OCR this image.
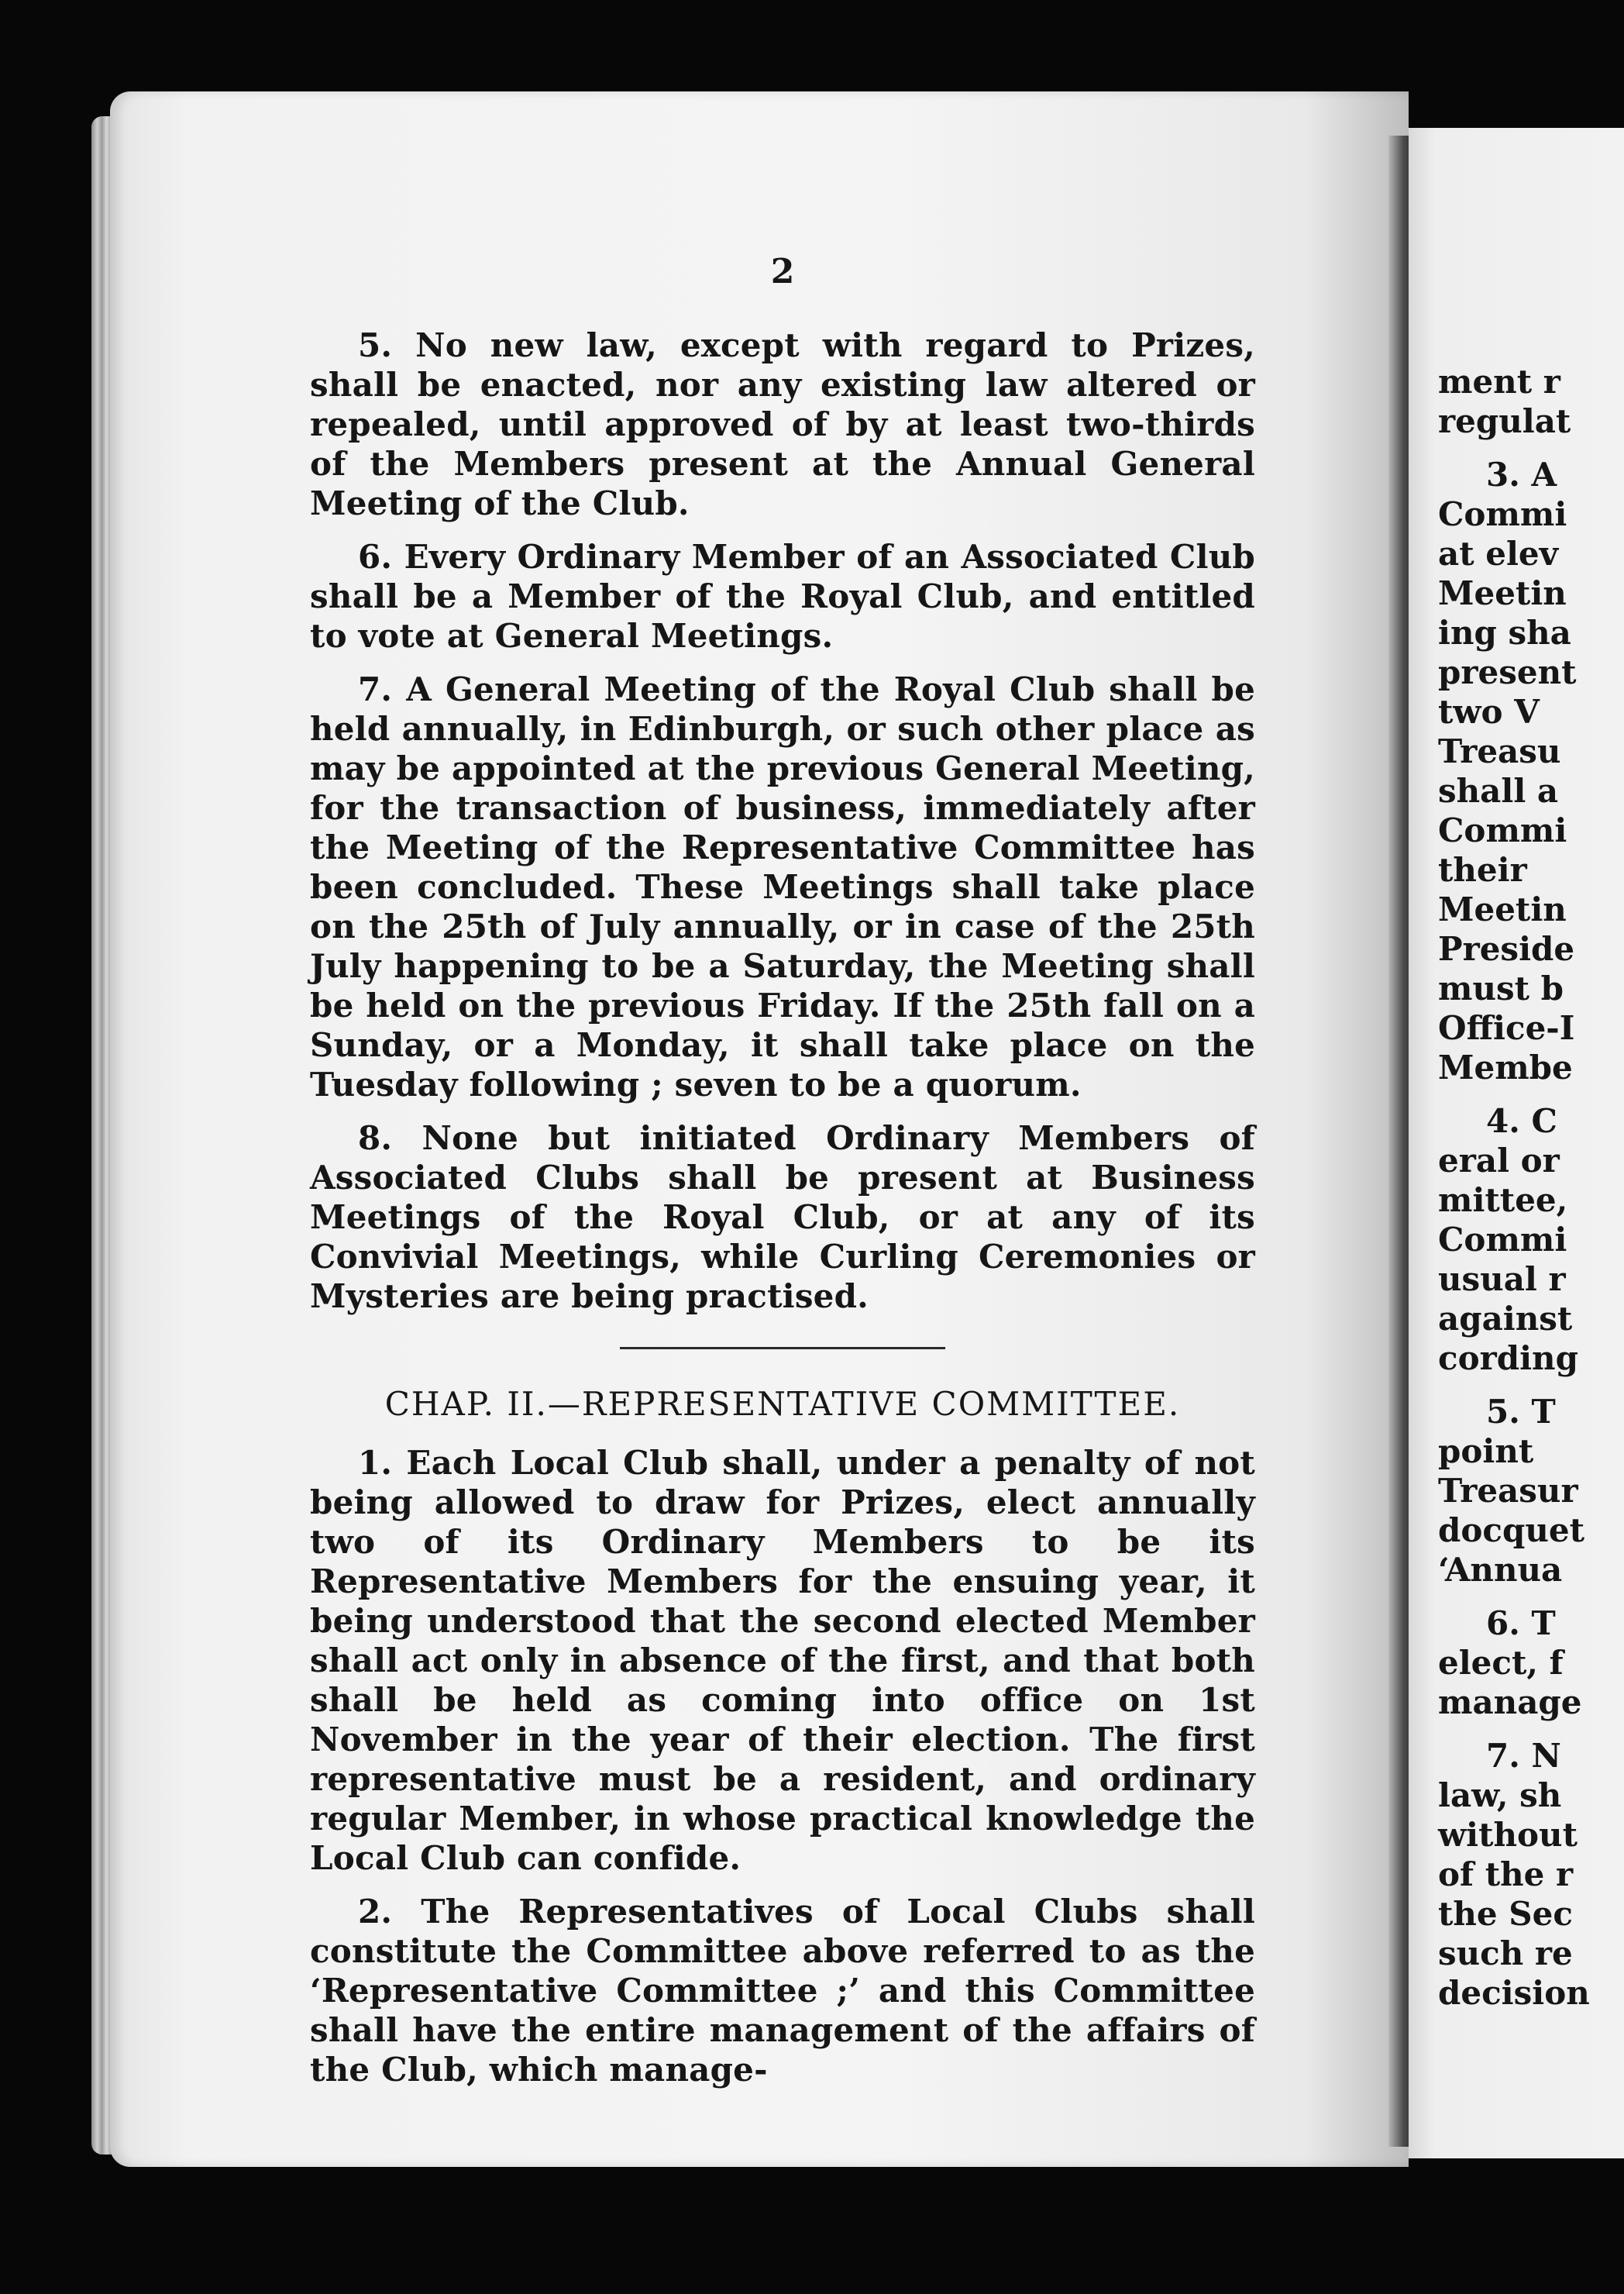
2

5. No new law, except with regard to Prizes, shall be enacted, nor any existing law altered or repealed, until approved of by at least two-thirds of the Members present at the Annual General Meeting of the Club.

6. Every Ordinary Member of an Associated Club shall be a Member of the Royal Club, and entitled to vote at General Meetings.

7. A General Meeting of the Royal Club shall be held annually, in Edinburgh, or such other place as may be appointed at the previous General Meeting, for the transaction of business, immediately after the Meeting of the Representative Committee has been concluded. These Meetings shall take place on the 25th of July annually, or in case of the 25th July happening to be a Saturday, the Meeting shall be held on the previous Friday. If the 25th fall on a Sunday, or a Monday, it shall take place on the Tuesday following ; seven to be a quorum.

8. None but initiated Ordinary Members of Associated Clubs shall be present at Business Meetings of the Royal Club, or at any of its Convivial Meetings, while Curling Ceremonies or Mysteries are being practised.

CHAP. II.—REPRESENTATIVE COMMITTEE.

1. Each Local Club shall, under a penalty of not being allowed to draw for Prizes, elect annually two of its Ordinary Members to be its Representative Members for the ensuing year, it being understood that the second elected Member shall act only in absence of the first, and that both shall be held as coming into office on 1st November in the year of their election. The first representative must be a resident, and ordinary regular Member, in whose practical knowledge the Local Club can confide.

2. The Representatives of Local Clubs shall constitute the Committee above referred to as the ‘Representative Committee ;’ and this Committee shall have the entire management of the affairs of the Club, which manage-

ment r
regulat
3. A
Commi
at elev
Meetin
ing sha
present
two V
Treasu
shall a
Commi
their
Meetin
Preside
must b
Office-I
Membe
4. C
eral or
mittee,
Commi
usual r
against
cording
5. T
point
Treasur
docquet
‘Annua
6. T
elect, f
manage
7. N
law, sh
without
of the r
the Sec
such re
decision
